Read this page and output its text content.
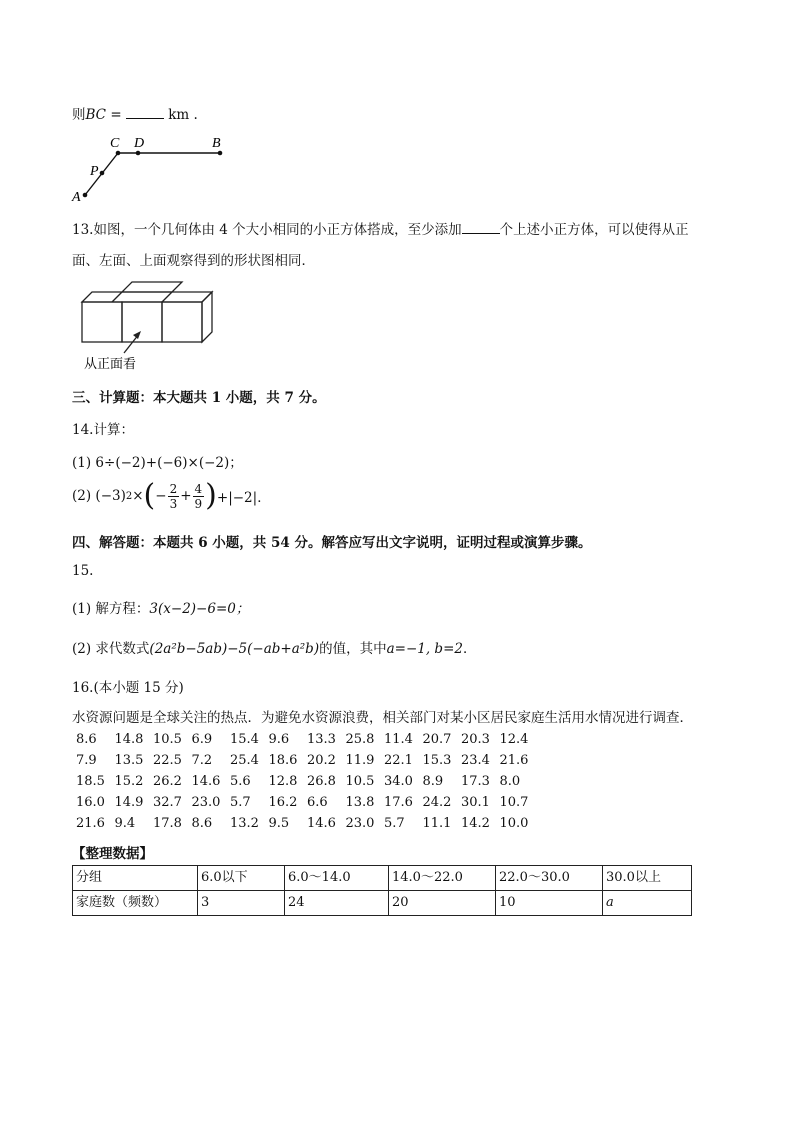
则BC =	km .
C D	B
P
A
13.如图，一个几何体由 4 个大小相同的小正方体搭成，至少添加	个上述小正方体，可以使得从正
面、左面、上面观察得到的形状图相同．
从正面看
三、计算题：本大题共 1 小题，共 7 分。
14.计算：
(1) 6÷(−2)+(−6)×(−2)；
(2)
(−3) 2 × ( − $\frac{2}{3} + \frac{4}{9}$ ) +|−2|．
四、解答题：本题共 6 小题，共 54 分。解答应写出文字说明，证明过程或演算步骤。
15.
(1) 解方程：3(x−2)−6=0；
(2) 求代数式(2a²b−5ab)−5(−ab+a²b)的值，其中a=−1, b=2．
16.(本小题 15 分)
水资源问题是全球关注的热点．为避免水资源浪费，相关部门对某小区居民家庭生活用水情况进行调查．
8.6 14.8 10.5 6.9 15.4 9.6 13.3 25.8 11.4 20.7 20.3 12.4
7.9 13.5 22.5 7.2 25.4 18.6 20.2 11.9 22.1 15.3 23.4 21.6
18.5 15.2 26.2 14.6 5.6 12.8 26.8 10.5 34.0 8.9 17.3 8.0
16.0 14.9 32.7 23.0 5.7 16.2 6.6 13.8 17.6 24.2 30.1 10.7
21.6 9.4 17.8 8.6 13.2 9.5 14.6 23.0 5.7 11.1 14.2 10.0
【整理数据】
分组	6.0以下	6.0～14.0	14.0～22.0	22.0～30.0	30.0以上
家庭数（频数）	3	24	20	10	a
